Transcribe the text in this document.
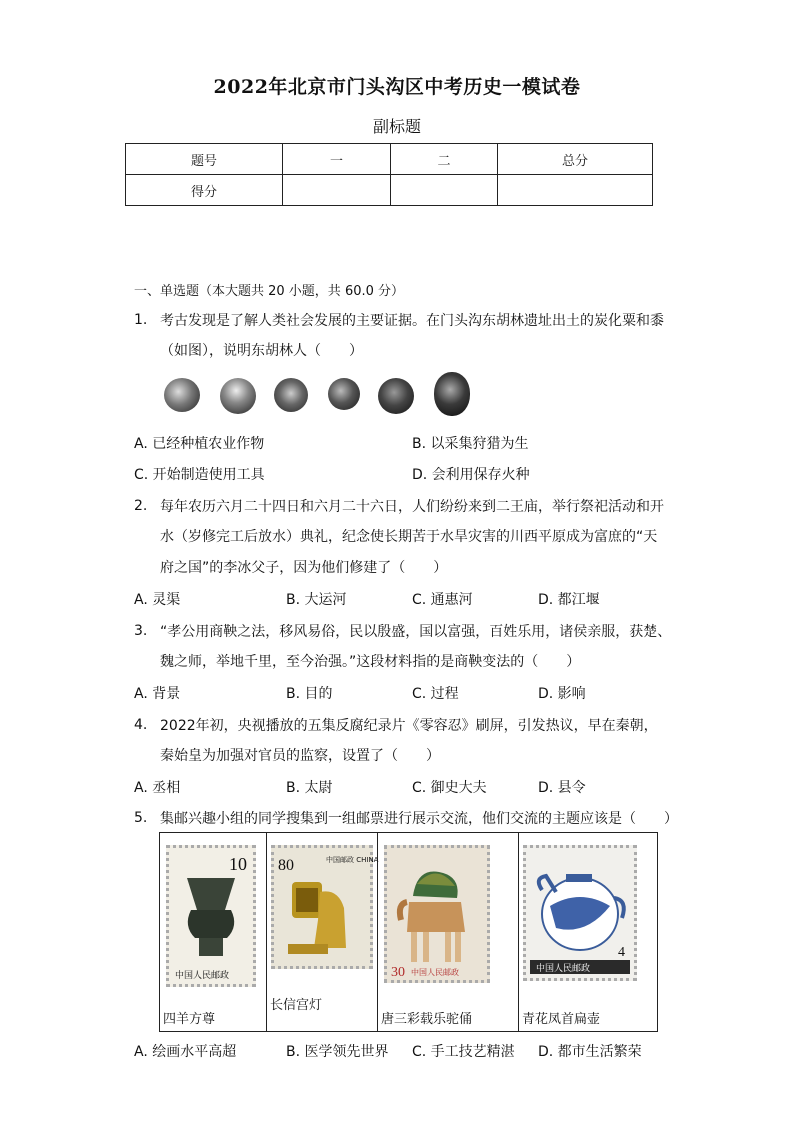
2022年北京市门头沟区中考历史一模试卷
副标题
题号	一	二	总分
得分			
一、单选题（本大题共 20 小题，共 60.0 分）
1. 考古发现是了解人类社会发展的主要证据。在门头沟东胡林遗址出土的炭化粟和黍
（如图），说明东胡林人（　　）
A. 已经种植农业作物	B. 以采集狩猎为生
C. 开始制造使用工具	D. 会利用保存火种
2. 每年农历六月二十四日和六月二十六日，人们纷纷来到二王庙，举行祭祀活动和开
水（岁修完工后放水）典礼，纪念使长期苦于水旱灾害的川西平原成为富庶的“天
府之国”的李冰父子，因为他们修建了（　　）
A. 灵渠	B. 大运河	C. 通惠河	D. 都江堰
3. “孝公用商鞅之法，移风易俗，民以殷盛，国以富强，百姓乐用，诸侯亲服，获楚、
魏之师，举地千里，至今治强。”这段材料指的是商鞅变法的（　　）
A. 背景	B. 目的	C. 过程	D. 影响
4. 2022年初，央视播放的五集反腐纪录片《零容忍》刷屏，引发热议，早在秦朝，
秦始皇为加强对官员的监察，设置了（　　）
A. 丞相	B. 太尉	C. 御史大夫	D. 县令
5. 集邮兴趣小组的同学搜集到一组邮票进行展示交流，他们交流的主题应该是（　　）
10
中国人民邮政
四羊方尊

80	中国邮政 CHINA
长信宫灯

30 中国人民邮政
唐三彩载乐驼俑

4
中国人民邮政
青花凤首扁壶
A. 绘画水平高超	B. 医学领先世界 C. 手工技艺精湛 D. 都市生活繁荣
